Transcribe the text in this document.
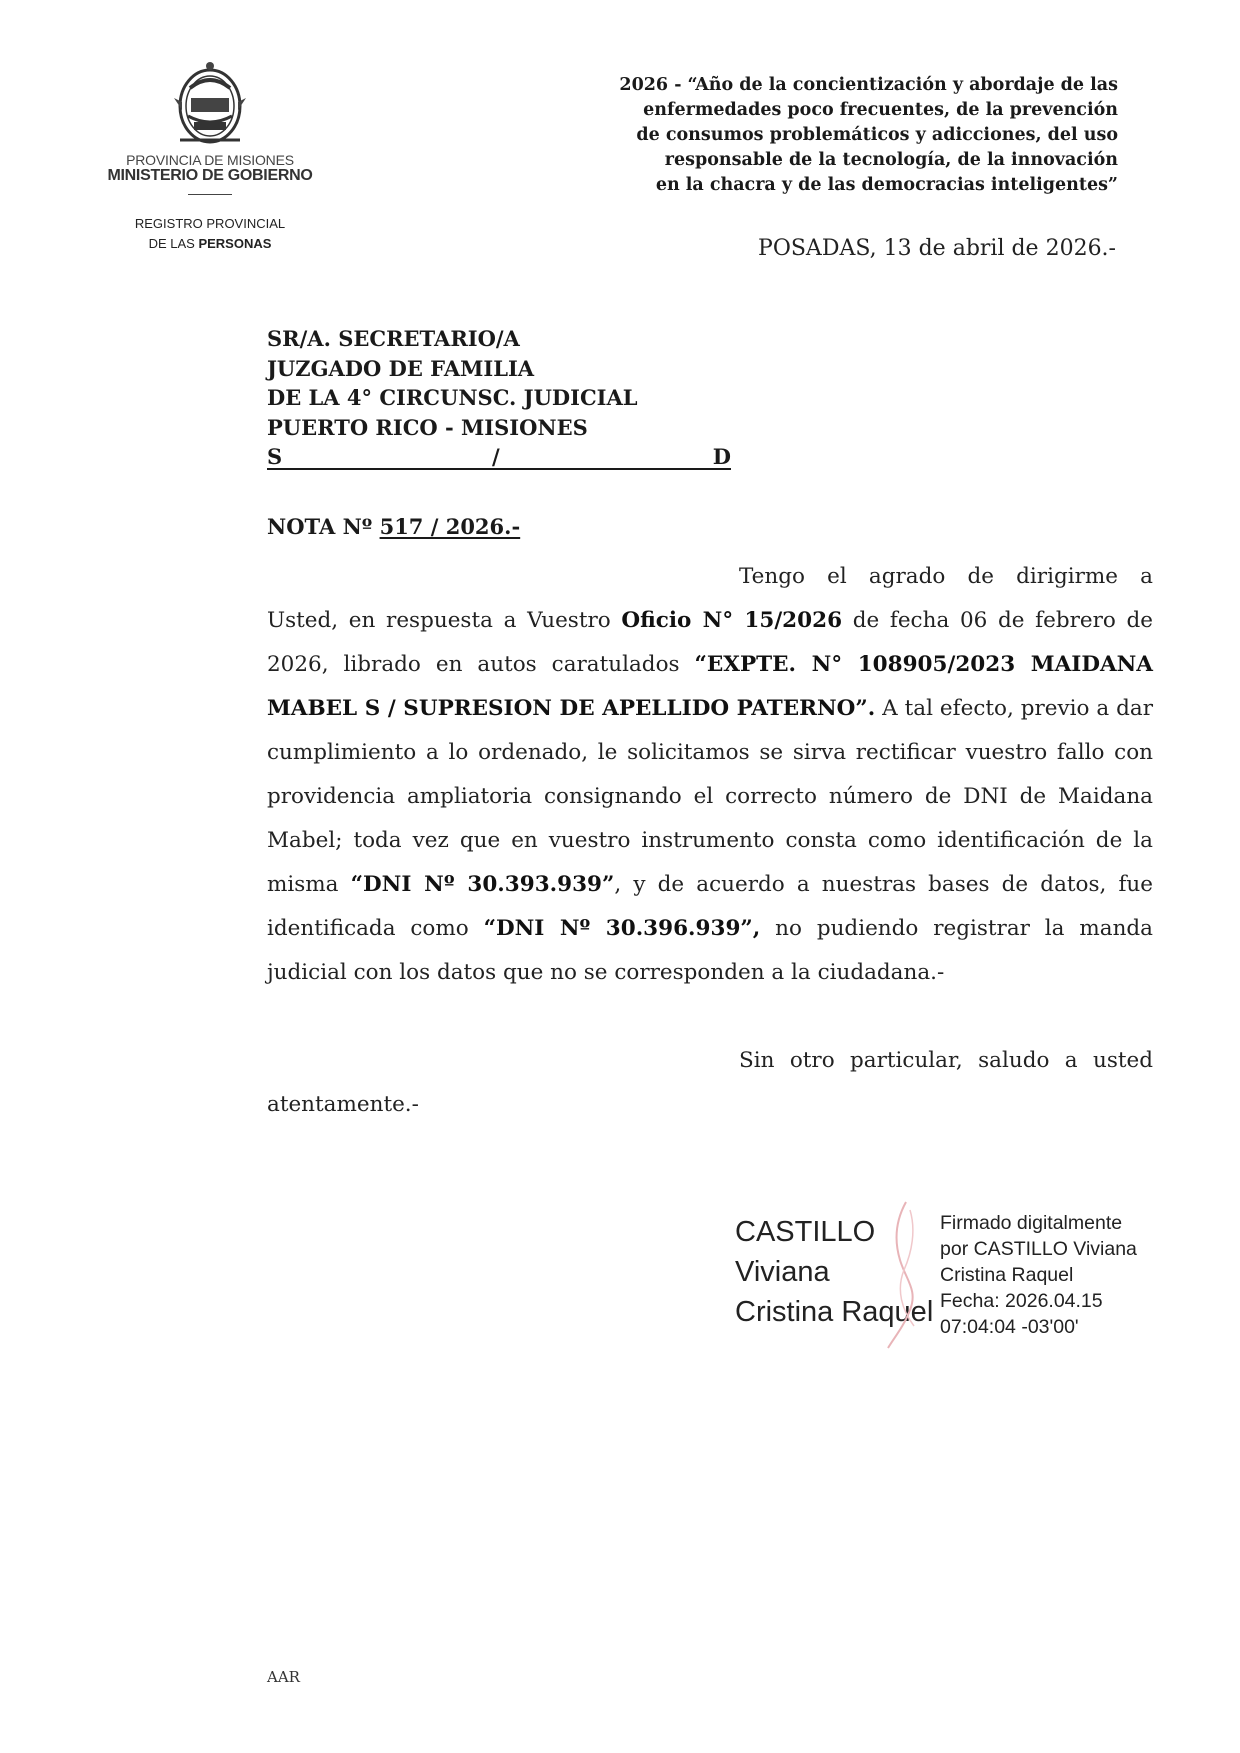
PROVINCIA DE MISIONES
MINISTERIO DE GOBIERNO
REGISTRO PROVINCIAL
DE LAS PERSONAS
2026 - “Año de la concientización y abordaje de las
enfermedades poco frecuentes, de la prevención
de consumos problemáticos y adicciones, del uso
responsable de la tecnología, de la innovación
en la chacra y de las democracias inteligentes”
POSADAS, 13 de abril de 2026.-
SR/A. SECRETARIO/A
JUZGADO DE FAMILIA
DE LA 4° CIRCUNSC. JUDICIAL
PUERTO RICO - MISIONES
S	/	D
NOTA Nº 517 / 2026.-

Tengo el agrado de dirigirme a Usted, en respuesta a Vuestro Oficio N° 15/2026 de fecha 06 de febrero de 2026, librado en autos caratulados “EXPTE. N° 108905/2023 MAIDANA MABEL S / SUPRESION DE APELLIDO PATERNO”. A tal efecto, previo a dar cumplimiento a lo ordenado, le solicitamos se sirva rectificar vuestro fallo con providencia ampliatoria consignando el correcto número de DNI de Maidana Mabel; toda vez que en vuestro instrumento consta como identificación de la misma “DNI Nº 30.393.939”, y de acuerdo a nuestras bases de datos, fue identificada como “DNI Nº 30.396.939”, no pudiendo registrar la manda judicial con los datos que no se corresponden a la ciudadana.-

Sin otro particular, saludo a usted atentamente.-

CASTILLO
Viviana
Cristina Raquel
Firmado digitalmente
por CASTILLO Viviana
Cristina Raquel
Fecha: 2026.04.15
07:04:04 -03'00'
AAR
